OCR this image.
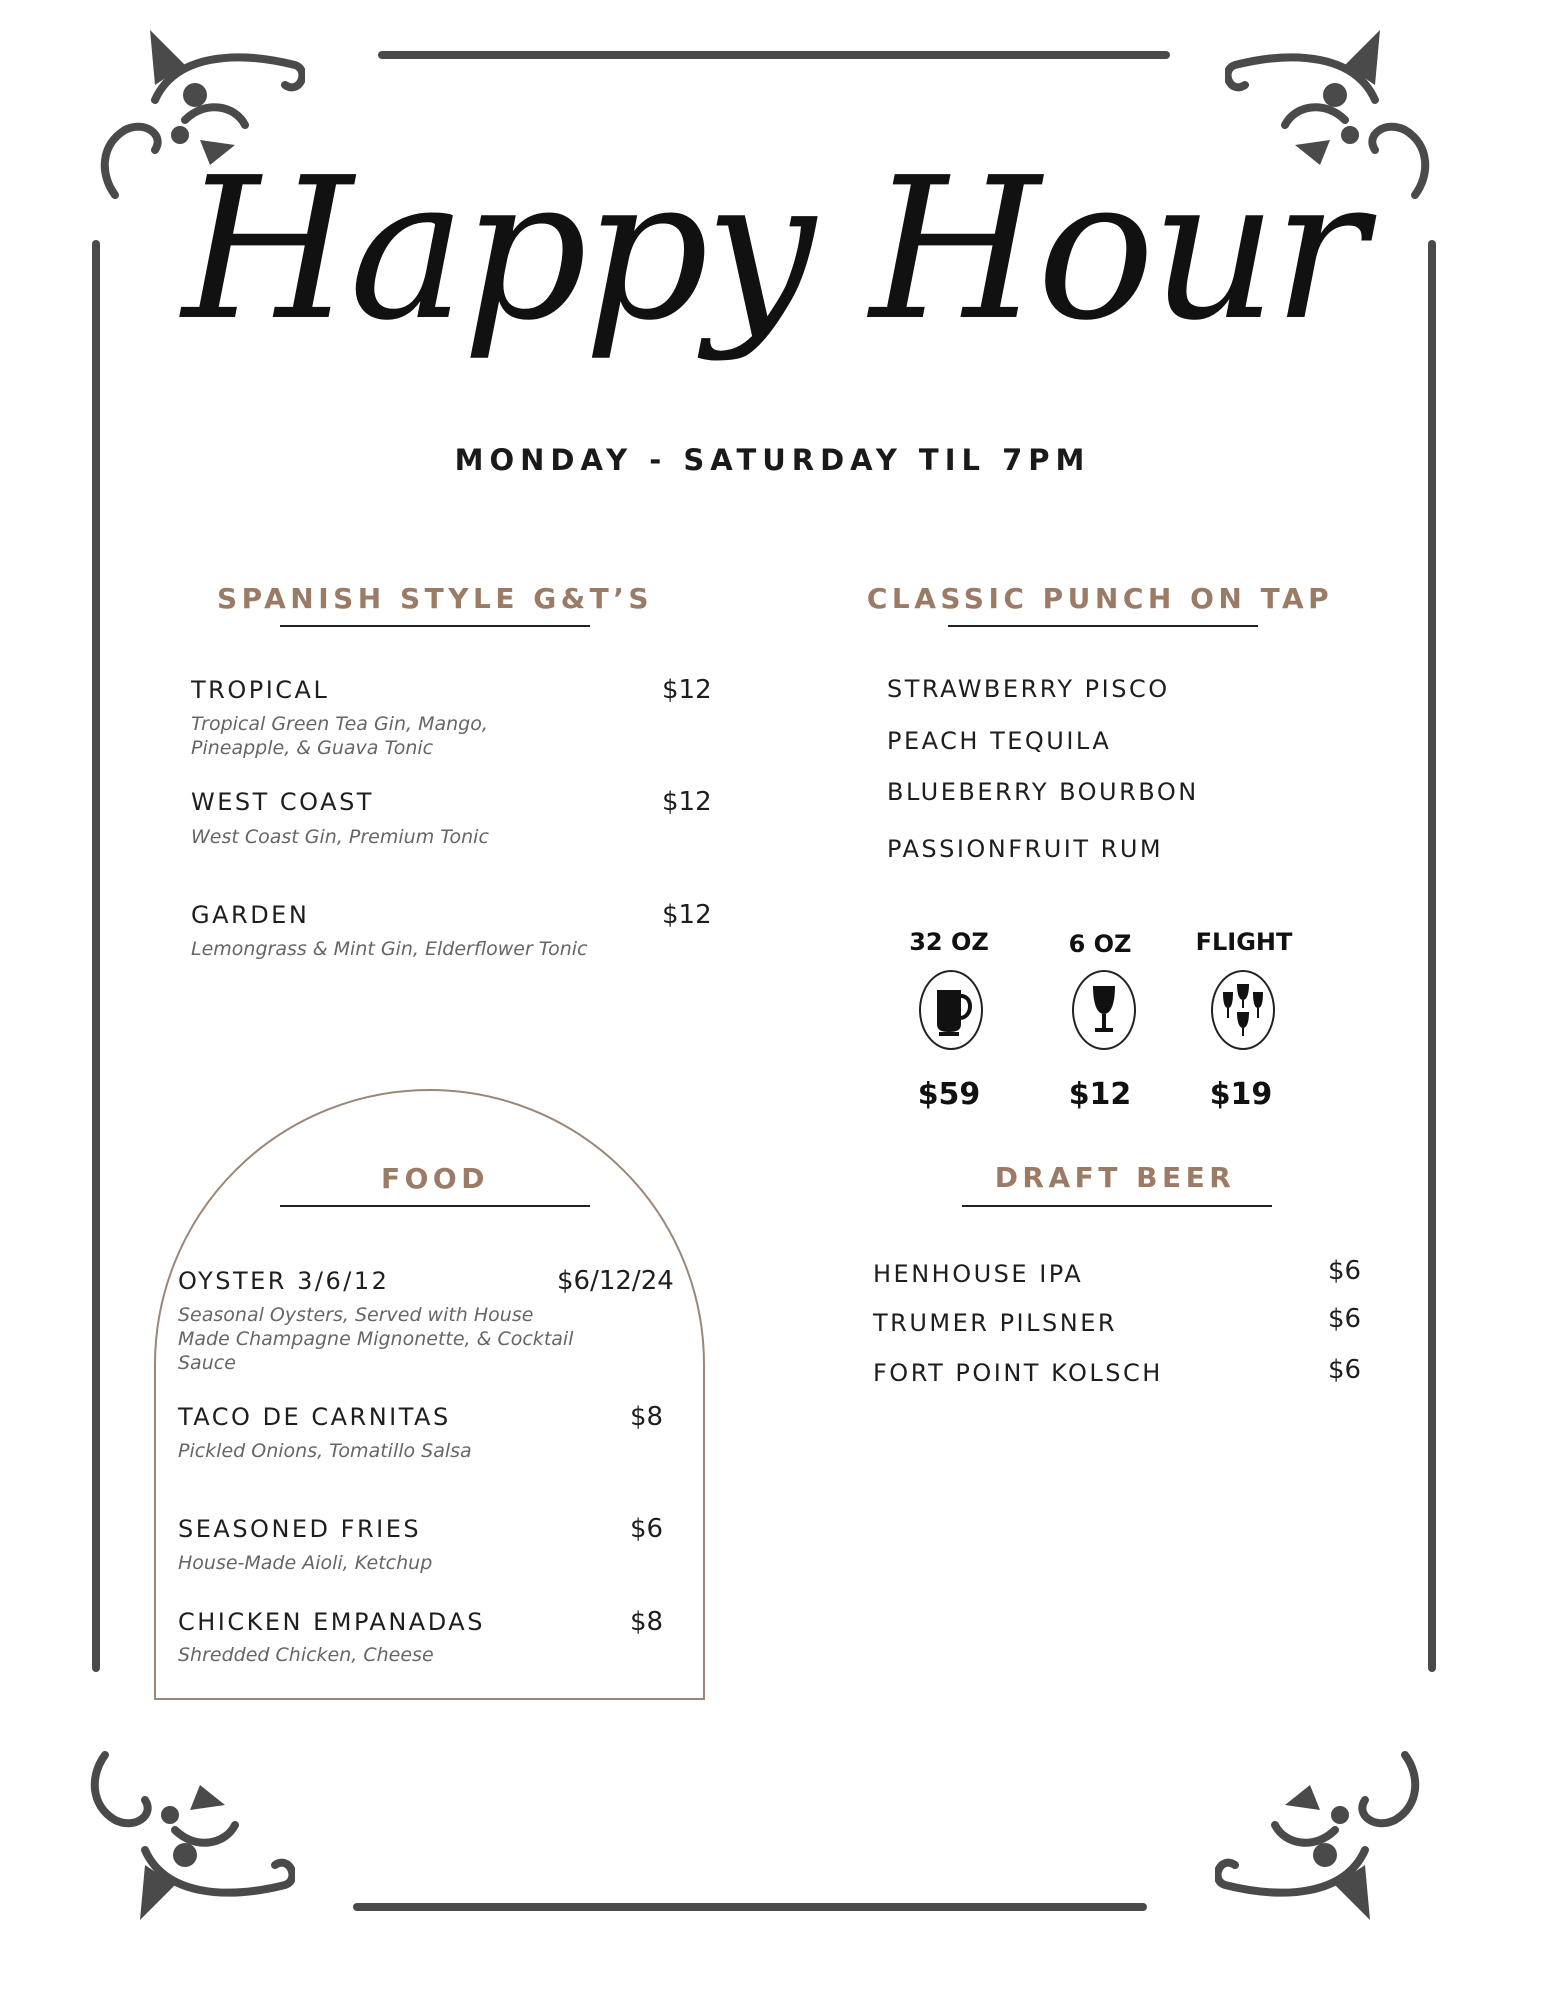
Happy Hour
MONDAY - SATURDAY TIL 7PM
SPANISH STYLE G&T’S
TROPICAL	$12
Tropical Green Tea Gin, Mango, Pineapple, & Guava Tonic
WEST COAST	$12
West Coast Gin, Premium Tonic
GARDEN	$12
Lemongrass & Mint Gin, Elderflower Tonic
CLASSIC PUNCH ON TAP
STRAWBERRY PISCO
PEACH TEQUILA
BLUEBERRY BOURBON
PASSIONFRUIT RUM
32 OZ	6 OZ	FLIGHT
$59	$12	$19
FOOD
OYSTER 3/6/12	$6/12/24
Seasonal Oysters, Served with House Made Champagne Mignonette, & Cocktail Sauce
TACO DE CARNITAS	$8
Pickled Onions, Tomatillo Salsa
SEASONED FRIES	$6
House-Made Aioli, Ketchup
CHICKEN EMPANADAS	$8
Shredded Chicken, Cheese
DRAFT BEER
HENHOUSE IPA	$6
TRUMER PILSNER	$6
FORT POINT KOLSCH	$6
